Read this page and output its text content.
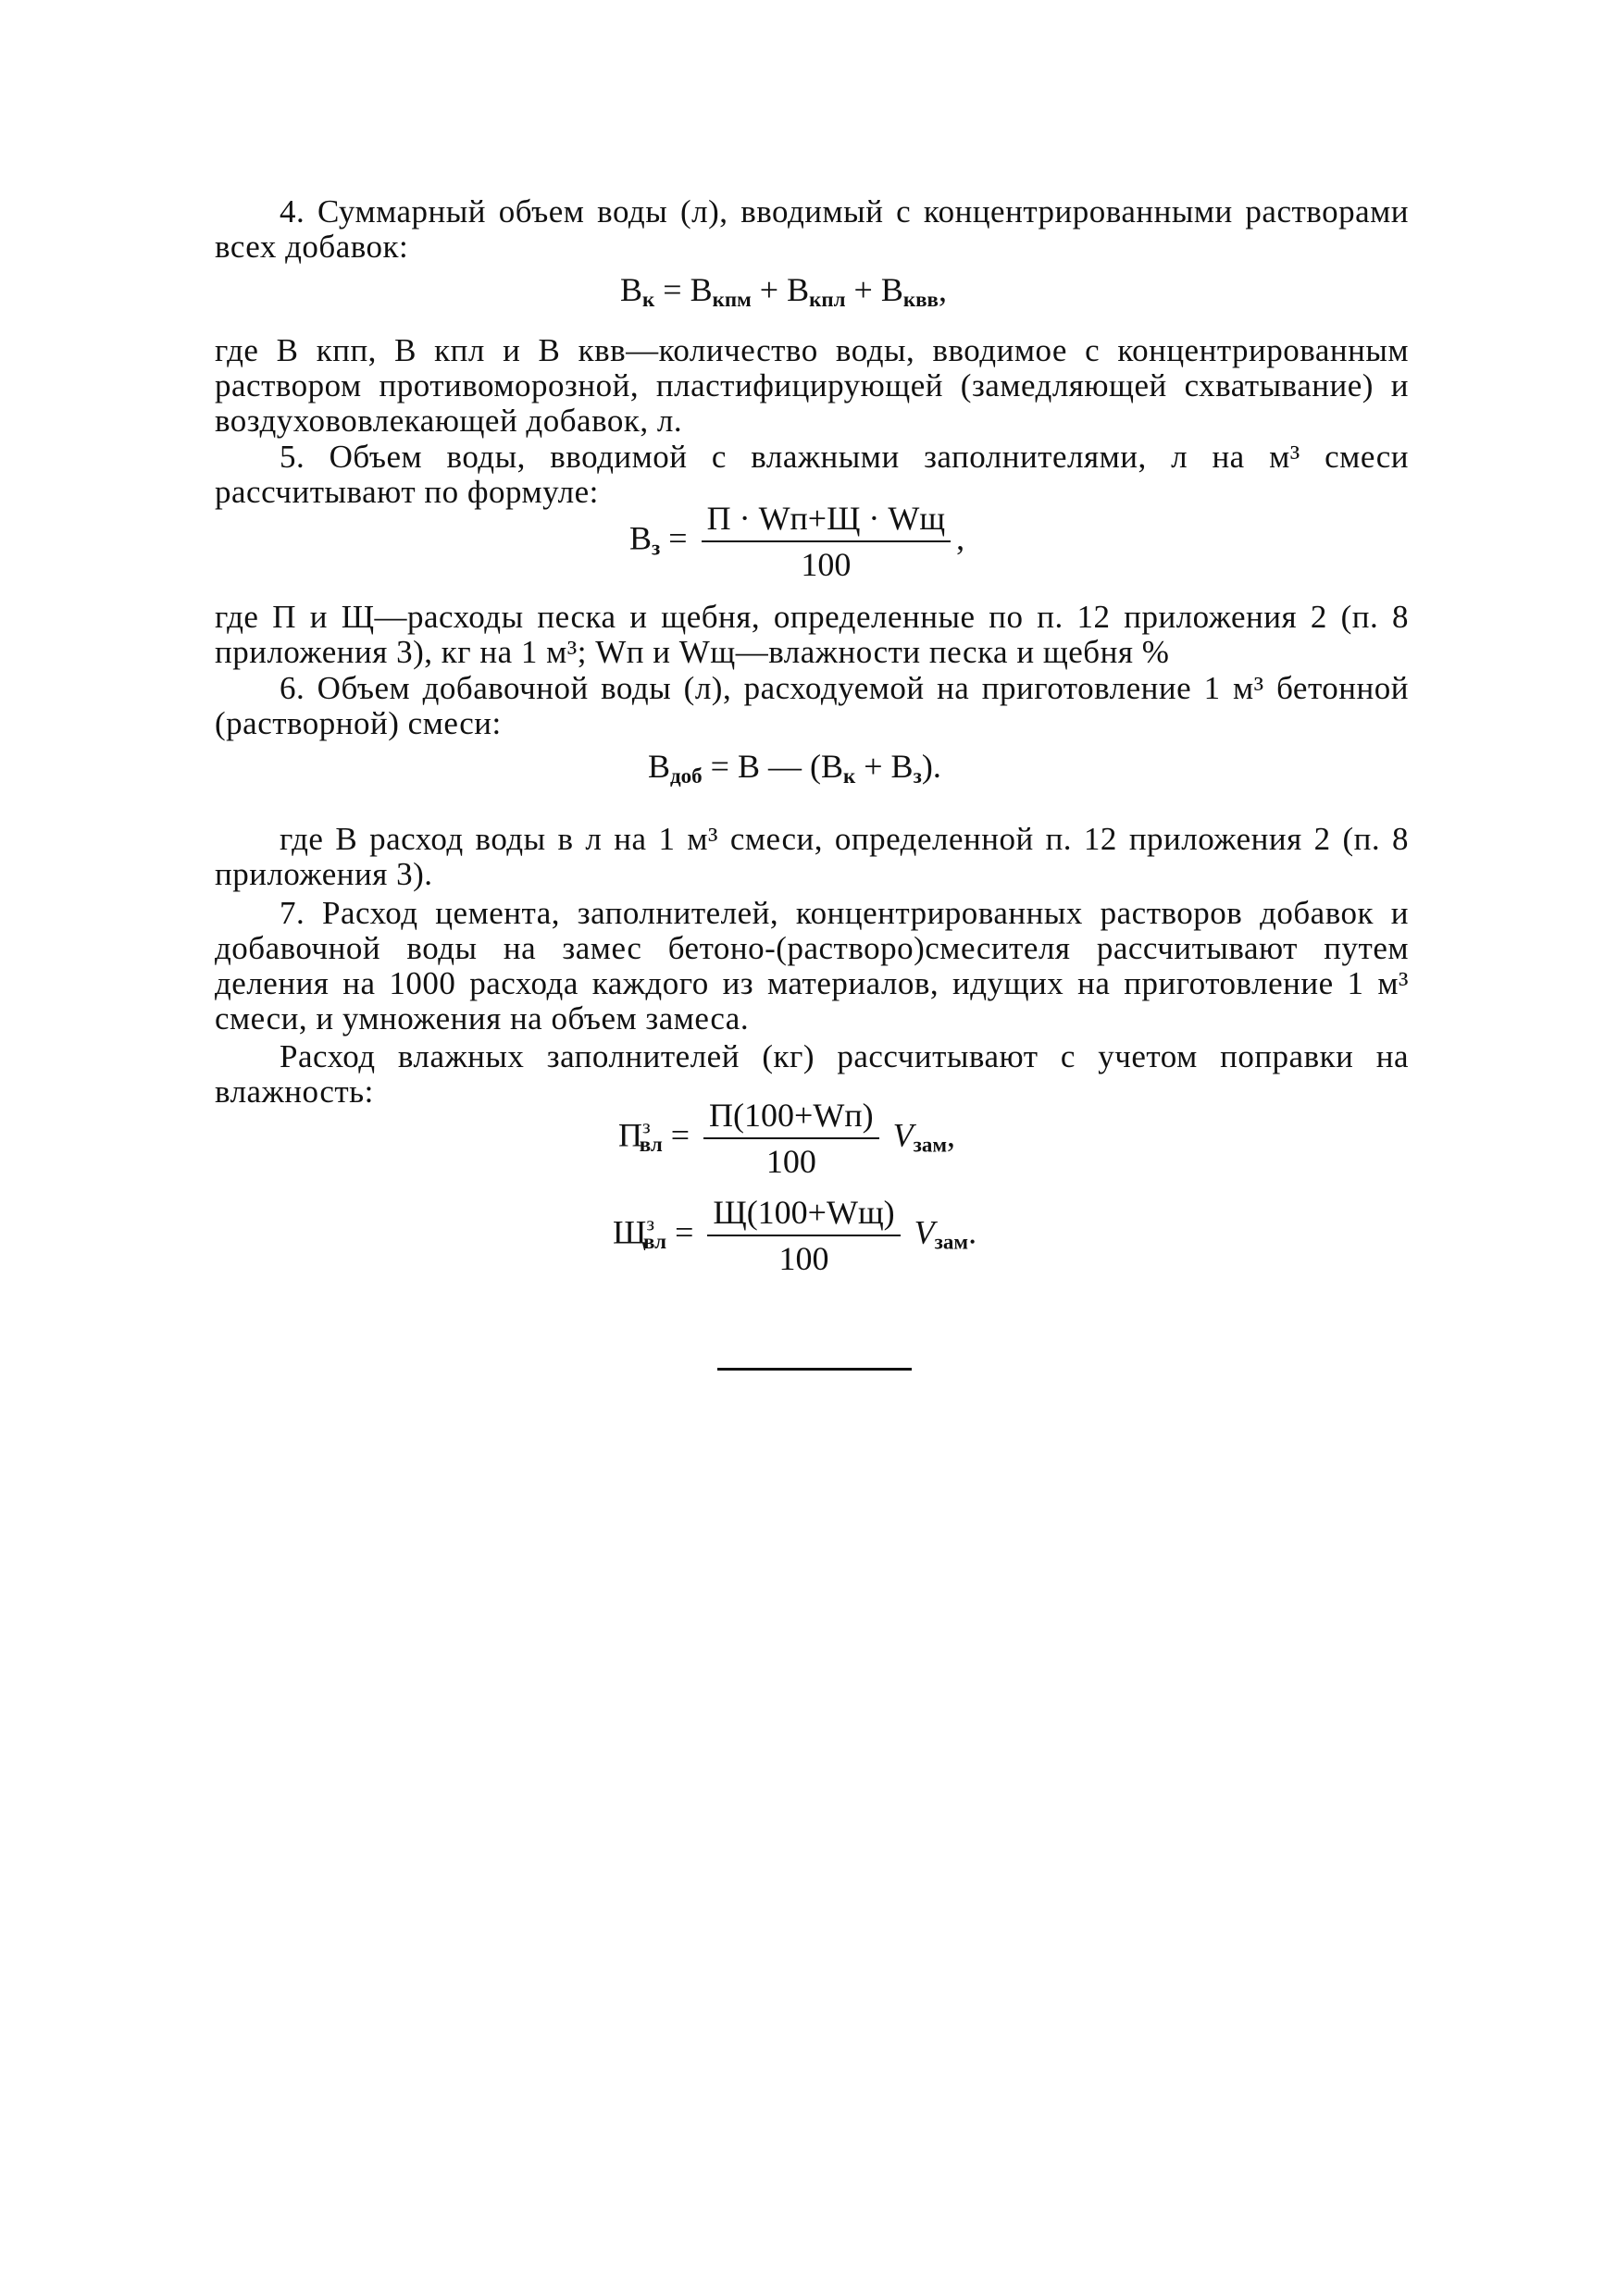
4. Суммарный объем воды (л), вводимый с концентрированными растворами всех добавок:

$В_к = В_{кпм} + В_{кпл} + В_{квв}$,

где В кпп, В кпл и В квв—количество воды, вводимое с концентрированным раствором противоморозной, пластифицирующей (замедляющей схватывание) и воздухововлекающей добавок, л.

5. Объем воды, вводимой с влажными заполнителями, л на м³ смеси рассчитывают по формуле:

$В_з = \frac{П \cdot Wп+Щ \cdot Wщ}{100}$ ,

где П и Щ—расходы песка и щебня, определенные по п. 12 приложения 2 (п. 8 приложения 3), кг на 1 м³; Wп и Wщ—влажности песка и щебня %

6. Объем добавочной воды (л), расходуемой на приготовление 1 м³ бетонной (растворной) смеси:

$В_{доб} = В$ — $(В_к + В_з)$.

где В расход воды в л на 1 м³ смеси, определенной п. 12 приложения 2 (п. 8 приложения 3).

7. Расход цемента, заполнителей, концентрированных растворов добавок и добавочной воды на замес бетоно-(растворо)смесителя рассчитывают путем деления на 1000 расхода каждого из материалов, идущих на приготовление 1 м³ смеси, и умножения на объем замеса.

Расход влажных заполнителей (кг) рассчитывают с учетом поправки на влажность:

$П^з_{вл} = \frac{П(100+Wп)}{100} V_{зам}$,
$Щ^з_{вл} = \frac{Щ(100+Wщ)}{100} V_{зам}$.
